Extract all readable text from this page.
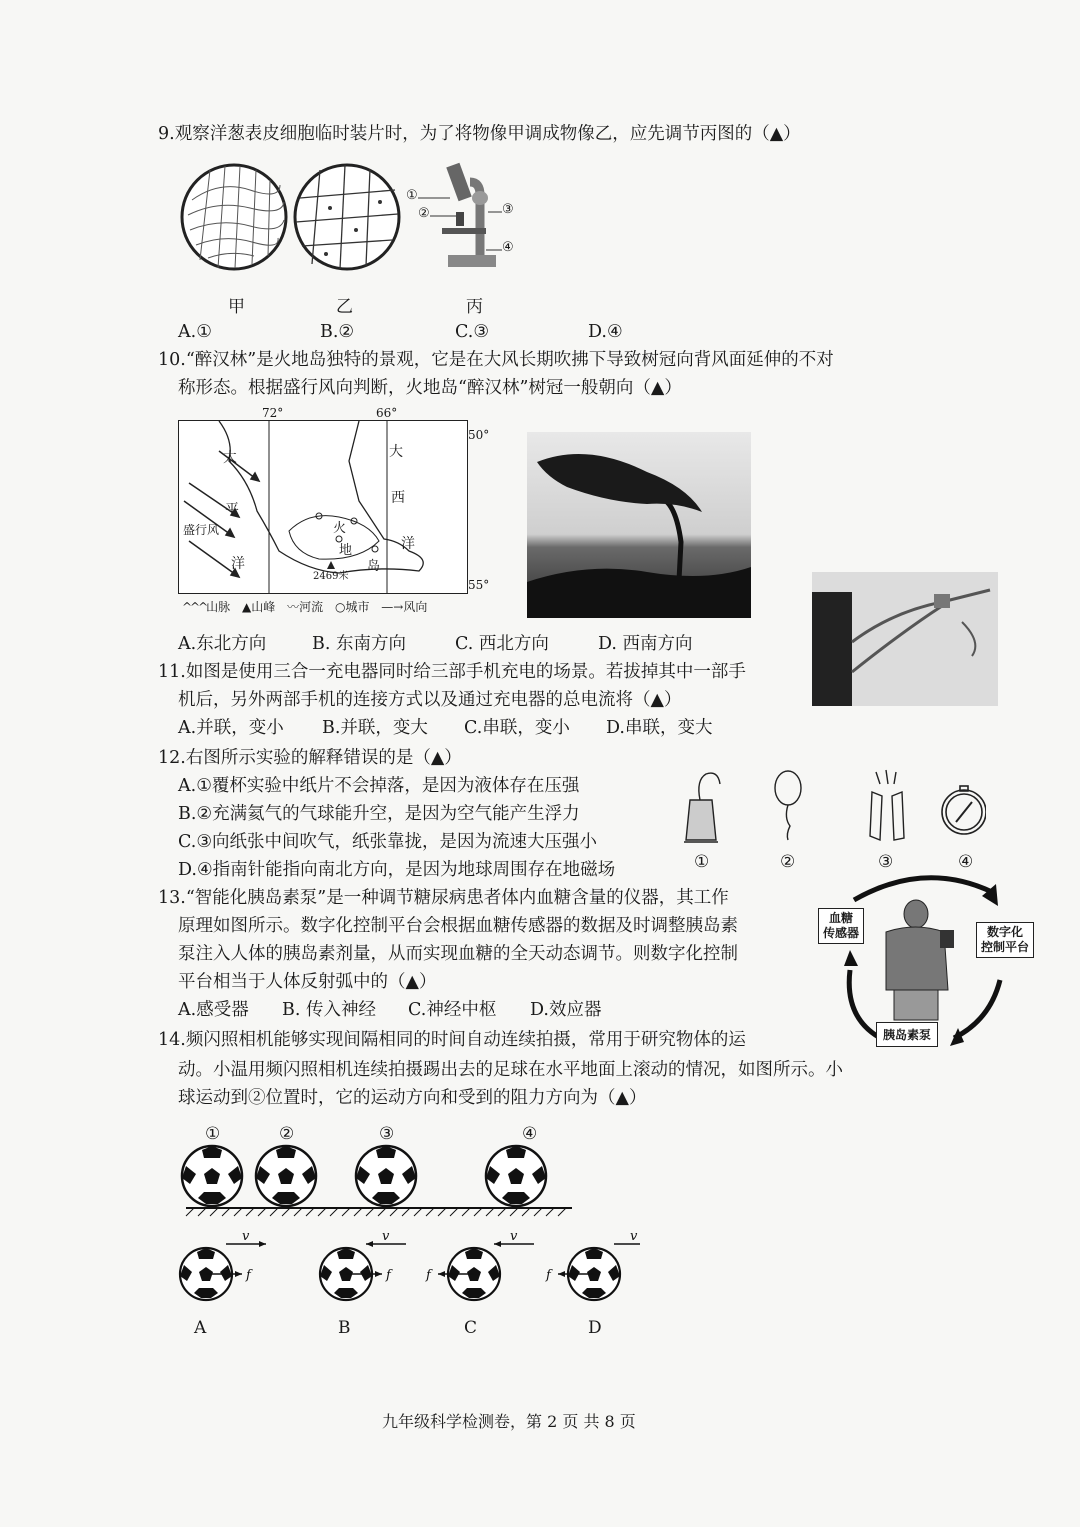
9.观察洋葱表皮细胞临时装片时，为了将物像甲调成物像乙，应先调节丙图的（▲）
①
②	③
④
甲	乙	丙
A.①	B.②	C.③	D.④
10.“醉汉林”是火地岛独特的景观，它是在大风长期吹拂下导致树冠向背风面延伸的不对
称形态。根据盛行风向判断，火地岛“醉汉林”树冠一般朝向（▲）
太
平
洋
盛行风
大
西
洋
火
地
岛
2469米
72°	66°
50°
55°
^^^山脉 ▲山峰 〰河流 ○城市 —→风向
A.东北方向	B. 东南方向	C. 西北方向	D. 西南方向
11.如图是使用三合一充电器同时给三部手机充电的场景。若拔掉其中一部手
机后，另外两部手机的连接方式以及通过充电器的总电流将（▲）
A.并联，变小 B.并联，变大 C.串联，变小 D.串联，变大
12.右图所示实验的解释错误的是（▲）
A.①覆杯实验中纸片不会掉落，是因为液体存在压强
B.②充满氦气的气球能升空，是因为空气能产生浮力
C.③向纸张中间吹气，纸张靠拢，是因为流速大压强小
D.④指南针能指向南北方向，是因为地球周围存在地磁场	①	②	③	④
13.“智能化胰岛素泵”是一种调节糖尿病患者体内血糖含量的仪器，其工作
原理如图所示。数字化控制平台会根据血糖传感器的数据及时调整胰岛素
泵注入人体的胰岛素剂量，从而实现血糖的全天动态调节。则数字化控制
平台相当于人体反射弧中的（▲）
A.感受器 B. 传入神经 C.神经中枢 D.效应器
血糖
传感器	数字化
控制平台
胰岛素泵
14.频闪照相机能够实现间隔相同的时间自动连续拍摄，常用于研究物体的运
动。小温用频闪照相机连续拍摄踢出去的足球在水平地面上滚动的情况，如图所示。小
球运动到②位置时，它的运动方向和受到的阻力方向为（▲）
①	②	③	④
v
f
v
f
v
f
v
f
A	B	C	D
九年级科学检测卷，第 2 页 共 8 页
